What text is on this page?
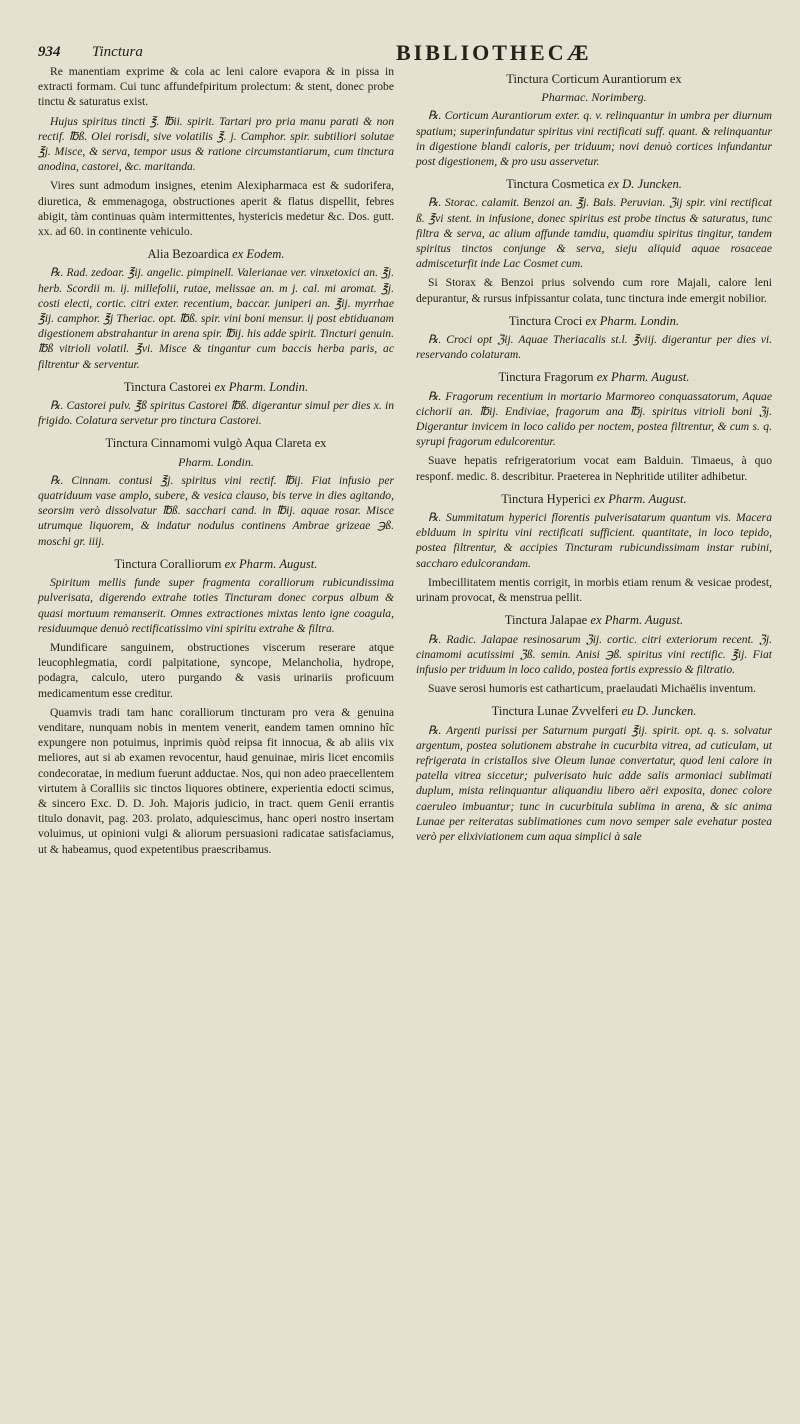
934 Tinctura	BIBLIOTHECÆ

Re manentiam exprime & cola ac leni calore evapora & in pissa in extracti formam. Cui tunc affundefpiritum prolectum: & stent, donec probe tinctu & saturatus exist.

Hujus spiritus tincti ℥. ℔ii. spirit. Tartari pro pria manu parati & non rectif. ℔ß. Olei rorisdi, sive volatilis ℥. j. Camphor. spir. subtiliori solutae ℥j. Misce, & serva, tempor usus & ratione circumstantiarum, cum tinctura anodina, castorei, &c. maritanda.

Vires sunt admodum insignes, etenim Alexipharmaca est & sudorifera, diuretica, & emmenagoga, obstructiones aperit & flatus dispellit, febres abigit, tàm continuas quàm intermittentes, hystericis medetur &c. Dos. gutt. xx. ad 60. in continente vehiculo.

Alia Bezoardica ex Eodem.

℞. Rad. zedoar. ℥ij. angelic. pimpinell. Valerianae ver. vinxetoxici an. ℥j. herb. Scordii m. ij. millefolii, rutae, melissae an. m j. cal. mi aromat. ℥j. costi electi, cortic. citri exter. recentium, baccar. juniperi an. ℥ij. myrrhae ℥ij. camphor. ℥j Theriac. opt. ℔ß. spir. vini boni mensur. ij post ebtiduanam digestionem abstrahantur in arena spir. ℔ij. his adde spirit. Tincturi genuin. ℔ß vitrioli volatil. ℥vi. Misce & tingantur cum baccis herba paris, ac filtrentur & serventur.

Tinctura Castorei ex Pharm. Londin.

℞. Castorei pulv. ℥ß spiritus Castorei ℔ß. digerantur simul per dies x. in frigido. Colatura servetur pro tinctura Castorei.

Tinctura Cinnamomi vulgò Aqua Clareta ex
Pharm. Londin.

℞. Cinnam. contusi ℥j. spiritus vini rectif. ℔ij. Fiat infusio per quatriduum vase amplo, subere, & vesica clauso, bis terve in dies agitando, seorsim verò dissolvatur ℔ß. sacchari cand. in ℔ij. aquae rosar. Misce utrumque liquorem, & indatur nodulus continens Ambrae grizeae ℈ß. moschi gr. iiij.

Tinctura Coralliorum ex Pharm. August.

Spiritum mellis funde super fragmenta coralliorum rubicundissima pulverisata, digerendo extrahe toties Tincturam donec corpus album & quasi mortuum remanserit. Omnes extractiones mixtas lento igne coagula, residuumque denuò rectificatissimo vini spiritu extrahe & filtra.

Mundificare sanguinem, obstructiones viscerum reserare atque leucophlegmatia, cordi palpitatione, syncope, Melancholia, hydrope, podagra, calculo, utero purgando & vasis urinariis proficuum medicamentum esse creditur.

Quamvis tradi tam hanc coralliorum tincturam pro vera & genuina venditare, nunquam nobis in mentem venerit, eandem tamen omnino hîc expungere non potuimus, inprimis quòd reipsa fit innocua, & ab aliis vix meliores, aut si ab examen revocentur, haud genuinae, miris licet encomiis condecoratae, in medium fuerunt adductae. Nos, qui non adeo praecellentem virtutem à Coralliis sic tinctos liquores obtinere, experientia edocti scimus, & sincero Exc. D. D. Joh. Majoris judicio, in tract. quem Genii errantis titulo donavit, pag. 203. prolato, adquiescimus, hanc operi nostro insertam voluimus, ut opinioni vulgi & aliorum persuasioni radicatae satisfaciamus, ut & habeamus, quod expetentibus praescribamus.

Tinctura Corticum Aurantiorum ex
Pharmac. Norimberg.

℞. Corticum Aurantiorum exter. q. v. relinquantur in umbra per diurnum spatium; superinfundatur spiritus vini rectificati suff. quant. & relinquantur in digestione blandi caloris, per triduum; novi denuò cortices infundantur post digestionem, & pro usu asservetur.

Tinctura Cosmetica ex D. Juncken.

℞. Storac. calamit. Benzoi an. ℥j. Bals. Peruvian. ℨij spir. vini rectificat ß. ℥vi stent. in infusione, donec spiritus est probe tinctus & saturatus, tunc filtra & serva, ac alium affunde tamdiu, quamdiu spiritus tingitur, tandem spiritus tinctos conjunge & serva, sieju aliquid aquae rosaceae admisceturfit inde Lac Cosmet cum.

Si Storax & Benzoi prius solvendo cum rore Majali, calore leni depurantur, & rursus infpissantur colata, tunc tinctura inde emergit nobilior.

Tinctura Croci ex Pharm. Londin.

℞. Croci opt ℨij. Aquae Theriacalis st.l. ℥viij. digerantur per dies vi. reservando colaturam.

Tinctura Fragorum ex Pharm. August.

℞. Fragorum recentium in mortario Marmoreo conquassatorum, Aquae cichorii an. ℔ij. Endiviae, fragorum ana ℔j. spiritus vitrioli boni ℨj. Digerantur invicem in loco calido per noctem, postea filtrentur, & cum s. q. syrupi fragorum edulcorentur.

Suave hepatis refrigeratorium vocat eam Balduin. Timaeus, à quo responf. medic. 8. describitur. Praeterea in Nephritide utiliter adhibetur.

Tinctura Hyperici ex Pharm. August.

℞. Summitatum hyperici florentis pulverisatarum quantum vis. Macera eblduum in spiritu vini rectificati sufficient. quantitate, in loco tepido, postea filtrentur, & accipies Tincturam rubicundissimam instar rubini, saccharo edulcorandam.

Imbecillitatem mentis corrigit, in morbis etiam renum & vesicae prodest, urinam provocat, & menstrua pellit.

Tinctura Jalapae ex Pharm. August.

℞. Radic. Jalapae resinosarum ℨij. cortic. citri exteriorum recent. ℨj. cinamomi acutissimi ℨß. semin. Anisi ℈ß. spiritus vini rectific. ℥ij. Fiat infusio per triduum in loco calido, postea fortis expressio & filtratio.

Suave serosi humoris est catharticum, praelaudati Michaëlis inventum.

Tinctura Lunae Zvvelferi eu D. Juncken.

℞. Argenti purissi per Saturnum purgati ℥ij. spirit. opt. q. s. solvatur argentum, postea solutionem abstrahe in cucurbita vitrea, ad cuticulam, ut refrigerata in cristallos sive Oleum lunae convertatur, quod leni calore in patella vitrea siccetur; pulverisato huic adde salis armoniaci sublimati duplum, mista relinquantur aliquandiu libero aëri exposita, donec colore caeruleo imbuantur; tunc in cucurbitula sublima in arena, & sic anima Lunae per reiteratas sublimationes cum novo semper sale evehatur postea verò per elixiviationem cum aqua simplici à sale
